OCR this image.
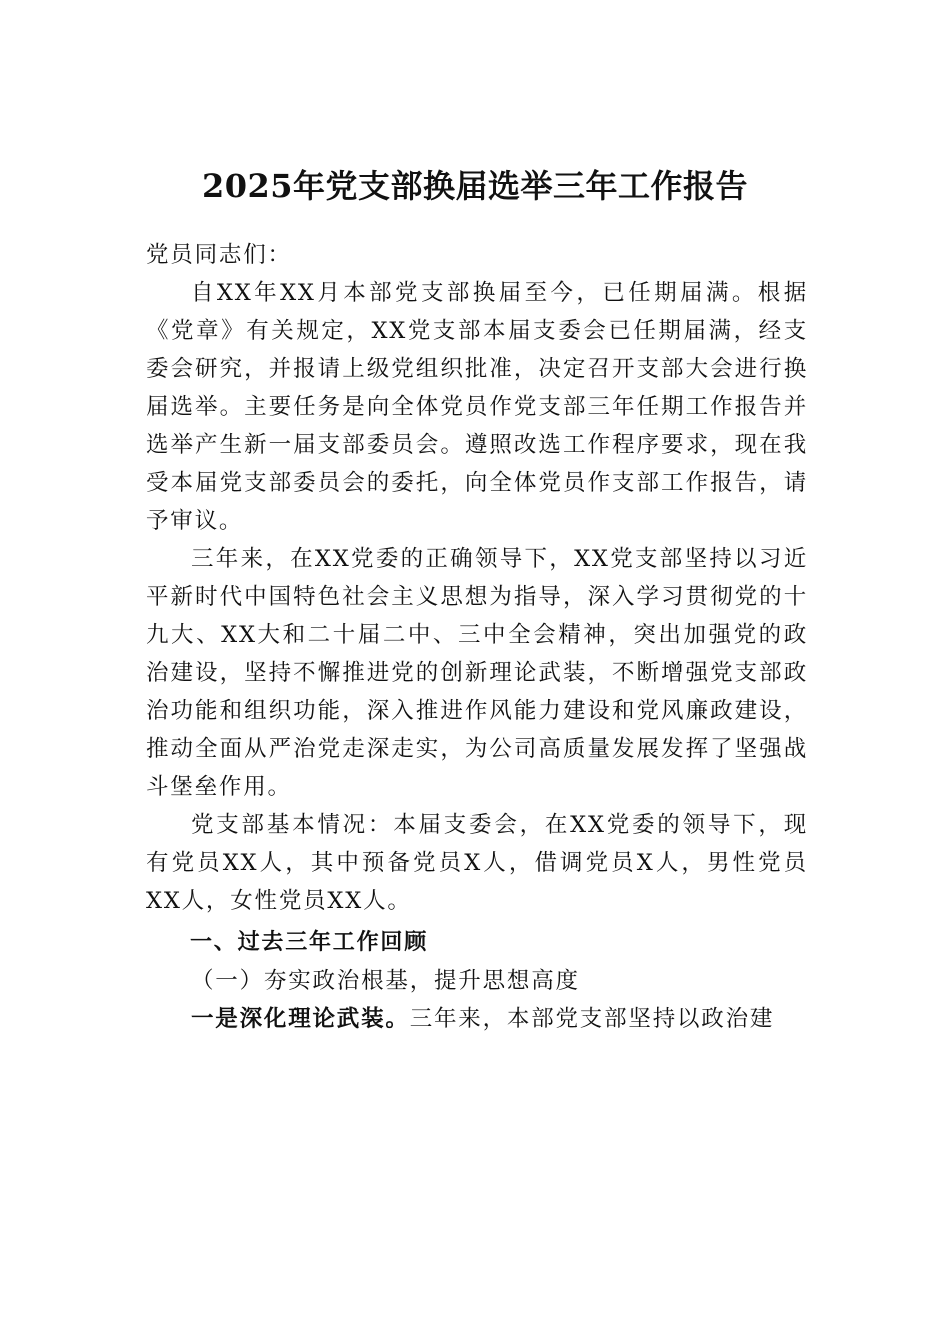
2025年党支部换届选举三年工作报告

党员同志们：

自XX年XX月本部党支部换届至今，已任期届满。根据《党章》有关规定，XX党支部本届支委会已任期届满，经支委会研究，并报请上级党组织批准，决定召开支部大会进行换届选举。主要任务是向全体党员作党支部三年任期工作报告并选举产生新一届支部委员会。遵照改选工作程序要求，现在我受本届党支部委员会的委托，向全体党员作支部工作报告，请予审议。

三年来，在XX党委的正确领导下，XX党支部坚持以习近平新时代中国特色社会主义思想为指导，深入学习贯彻党的十九大、XX大和二十届二中、三中全会精神，突出加强党的政治建设，坚持不懈推进党的创新理论武装，不断增强党支部政治功能和组织功能，深入推进作风能力建设和党风廉政建设，推动全面从严治党走深走实，为公司高质量发展发挥了坚强战斗堡垒作用。

党支部基本情况：本届支委会，在XX党委的领导下，现有党员XX人，其中预备党员X人，借调党员X人，男性党员XX人，女性党员XX人。

一、过去三年工作回顾

（一）夯实政治根基，提升思想高度

一是深化理论武装。三年来，本部党支部坚持以政治建
